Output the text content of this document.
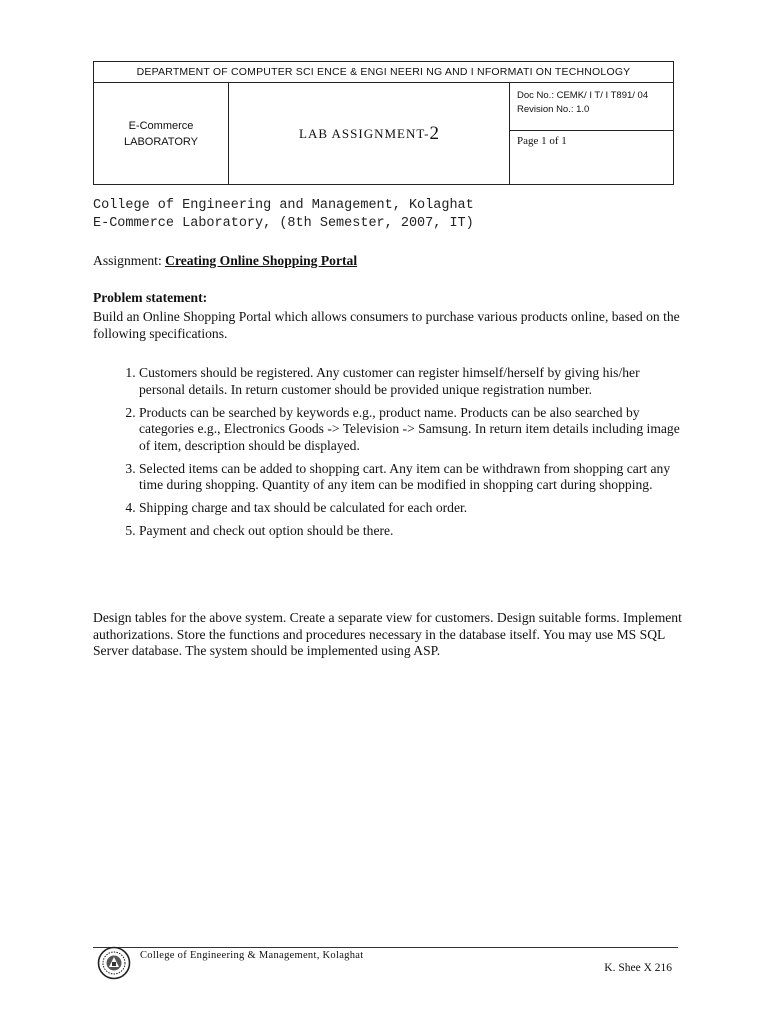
DEPARTMENT OF COMPUTER SCI ENCE & ENGI NEERI NG AND I NFORMATI ON TECHNOLOGY
E-Commerce
LABORATORY
LAB ASSIGNMENT- 2
Doc No.: CEMK/ I T/ I T891/ 04
Revision No.: 1.0
Page 1 of 1
College of Engineering and Management, Kolaghat
E-Commerce Laboratory, (8th Semester, 2007, IT)
Assignment: Creating Online Shopping Portal
Problem statement:
Build an Online Shopping Portal which allows consumers to purchase various products online, based on the following specifications.
1. Customers should be registered. Any customer can register himself/herself by giving his/her personal details. In return customer should be provided unique registration number.
2. Products can be searched by keywords e.g., product name. Products can be also searched by categories e.g., Electronics Goods -> Television -> Samsung. In return item details including image of item, description should be displayed.
3. Selected items can be added to shopping cart. Any item can be withdrawn from shopping cart any time during shopping. Quantity of any item can be modified in shopping cart during shopping.
4. Shipping charge and tax should be calculated for each order.
5. Payment and check out option should be there.
Design tables for the above system. Create a separate view for customers. Design suitable forms. Implement authorizations. Store the functions and procedures necessary in the database itself. You may use MS SQL Server database. The system should be implemented using ASP.
College of Engineering & Management, Kolaghat
K. Shee X 216
